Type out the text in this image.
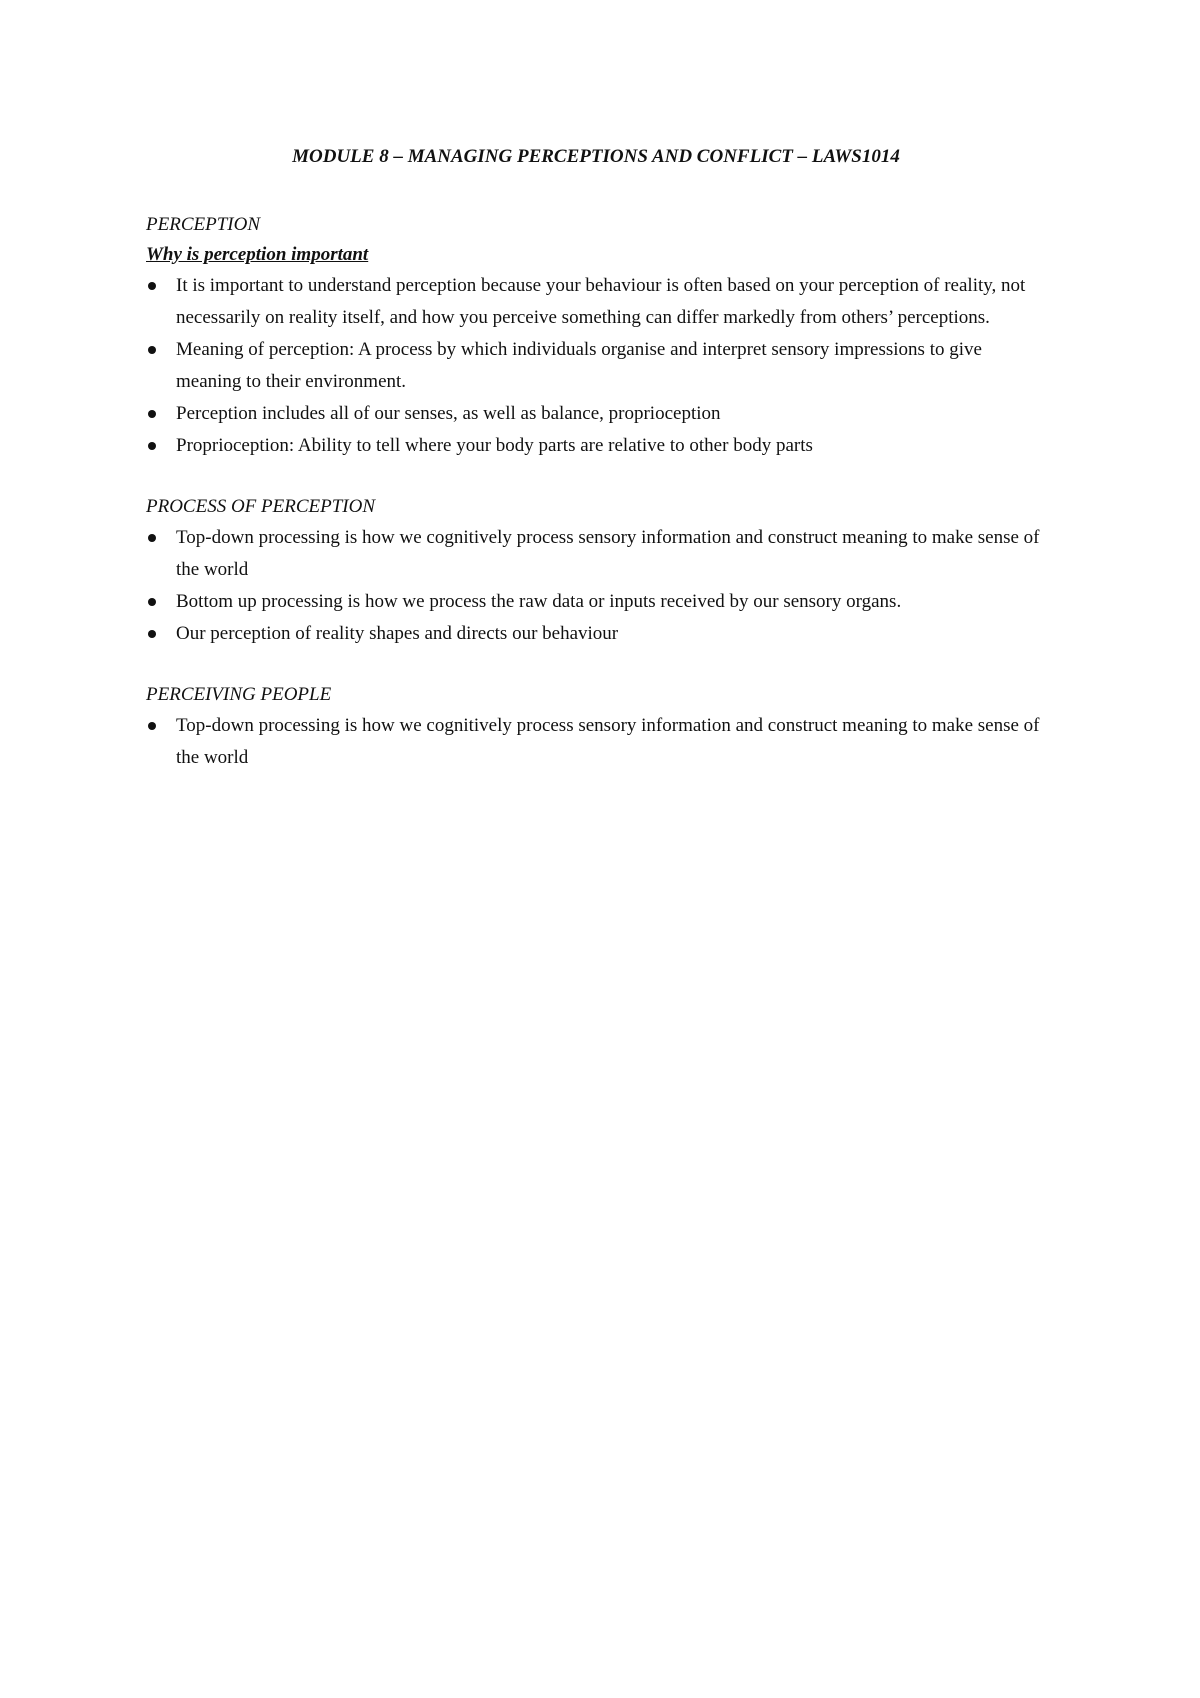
MODULE 8 – MANAGING PERCEPTIONS AND CONFLICT – LAWS1014
PERCEPTION
Why is perception important
It is important to understand perception because your behaviour is often based on your perception of reality, not necessarily on reality itself, and how you perceive something can differ markedly from others’ perceptions.
Meaning of perception: A process by which individuals organise and interpret sensory impressions to give meaning to their environment.
Perception includes all of our senses, as well as balance, proprioception
Proprioception: Ability to tell where your body parts are relative to other body parts
PROCESS OF PERCEPTION
Top-down processing is how we cognitively process sensory information and construct meaning to make sense of the world
Bottom up processing is how we process the raw data or inputs received by our sensory organs.
Our perception of reality shapes and directs our behaviour
PERCEIVING PEOPLE
Top-down processing is how we cognitively process sensory information and construct meaning to make sense of the world
